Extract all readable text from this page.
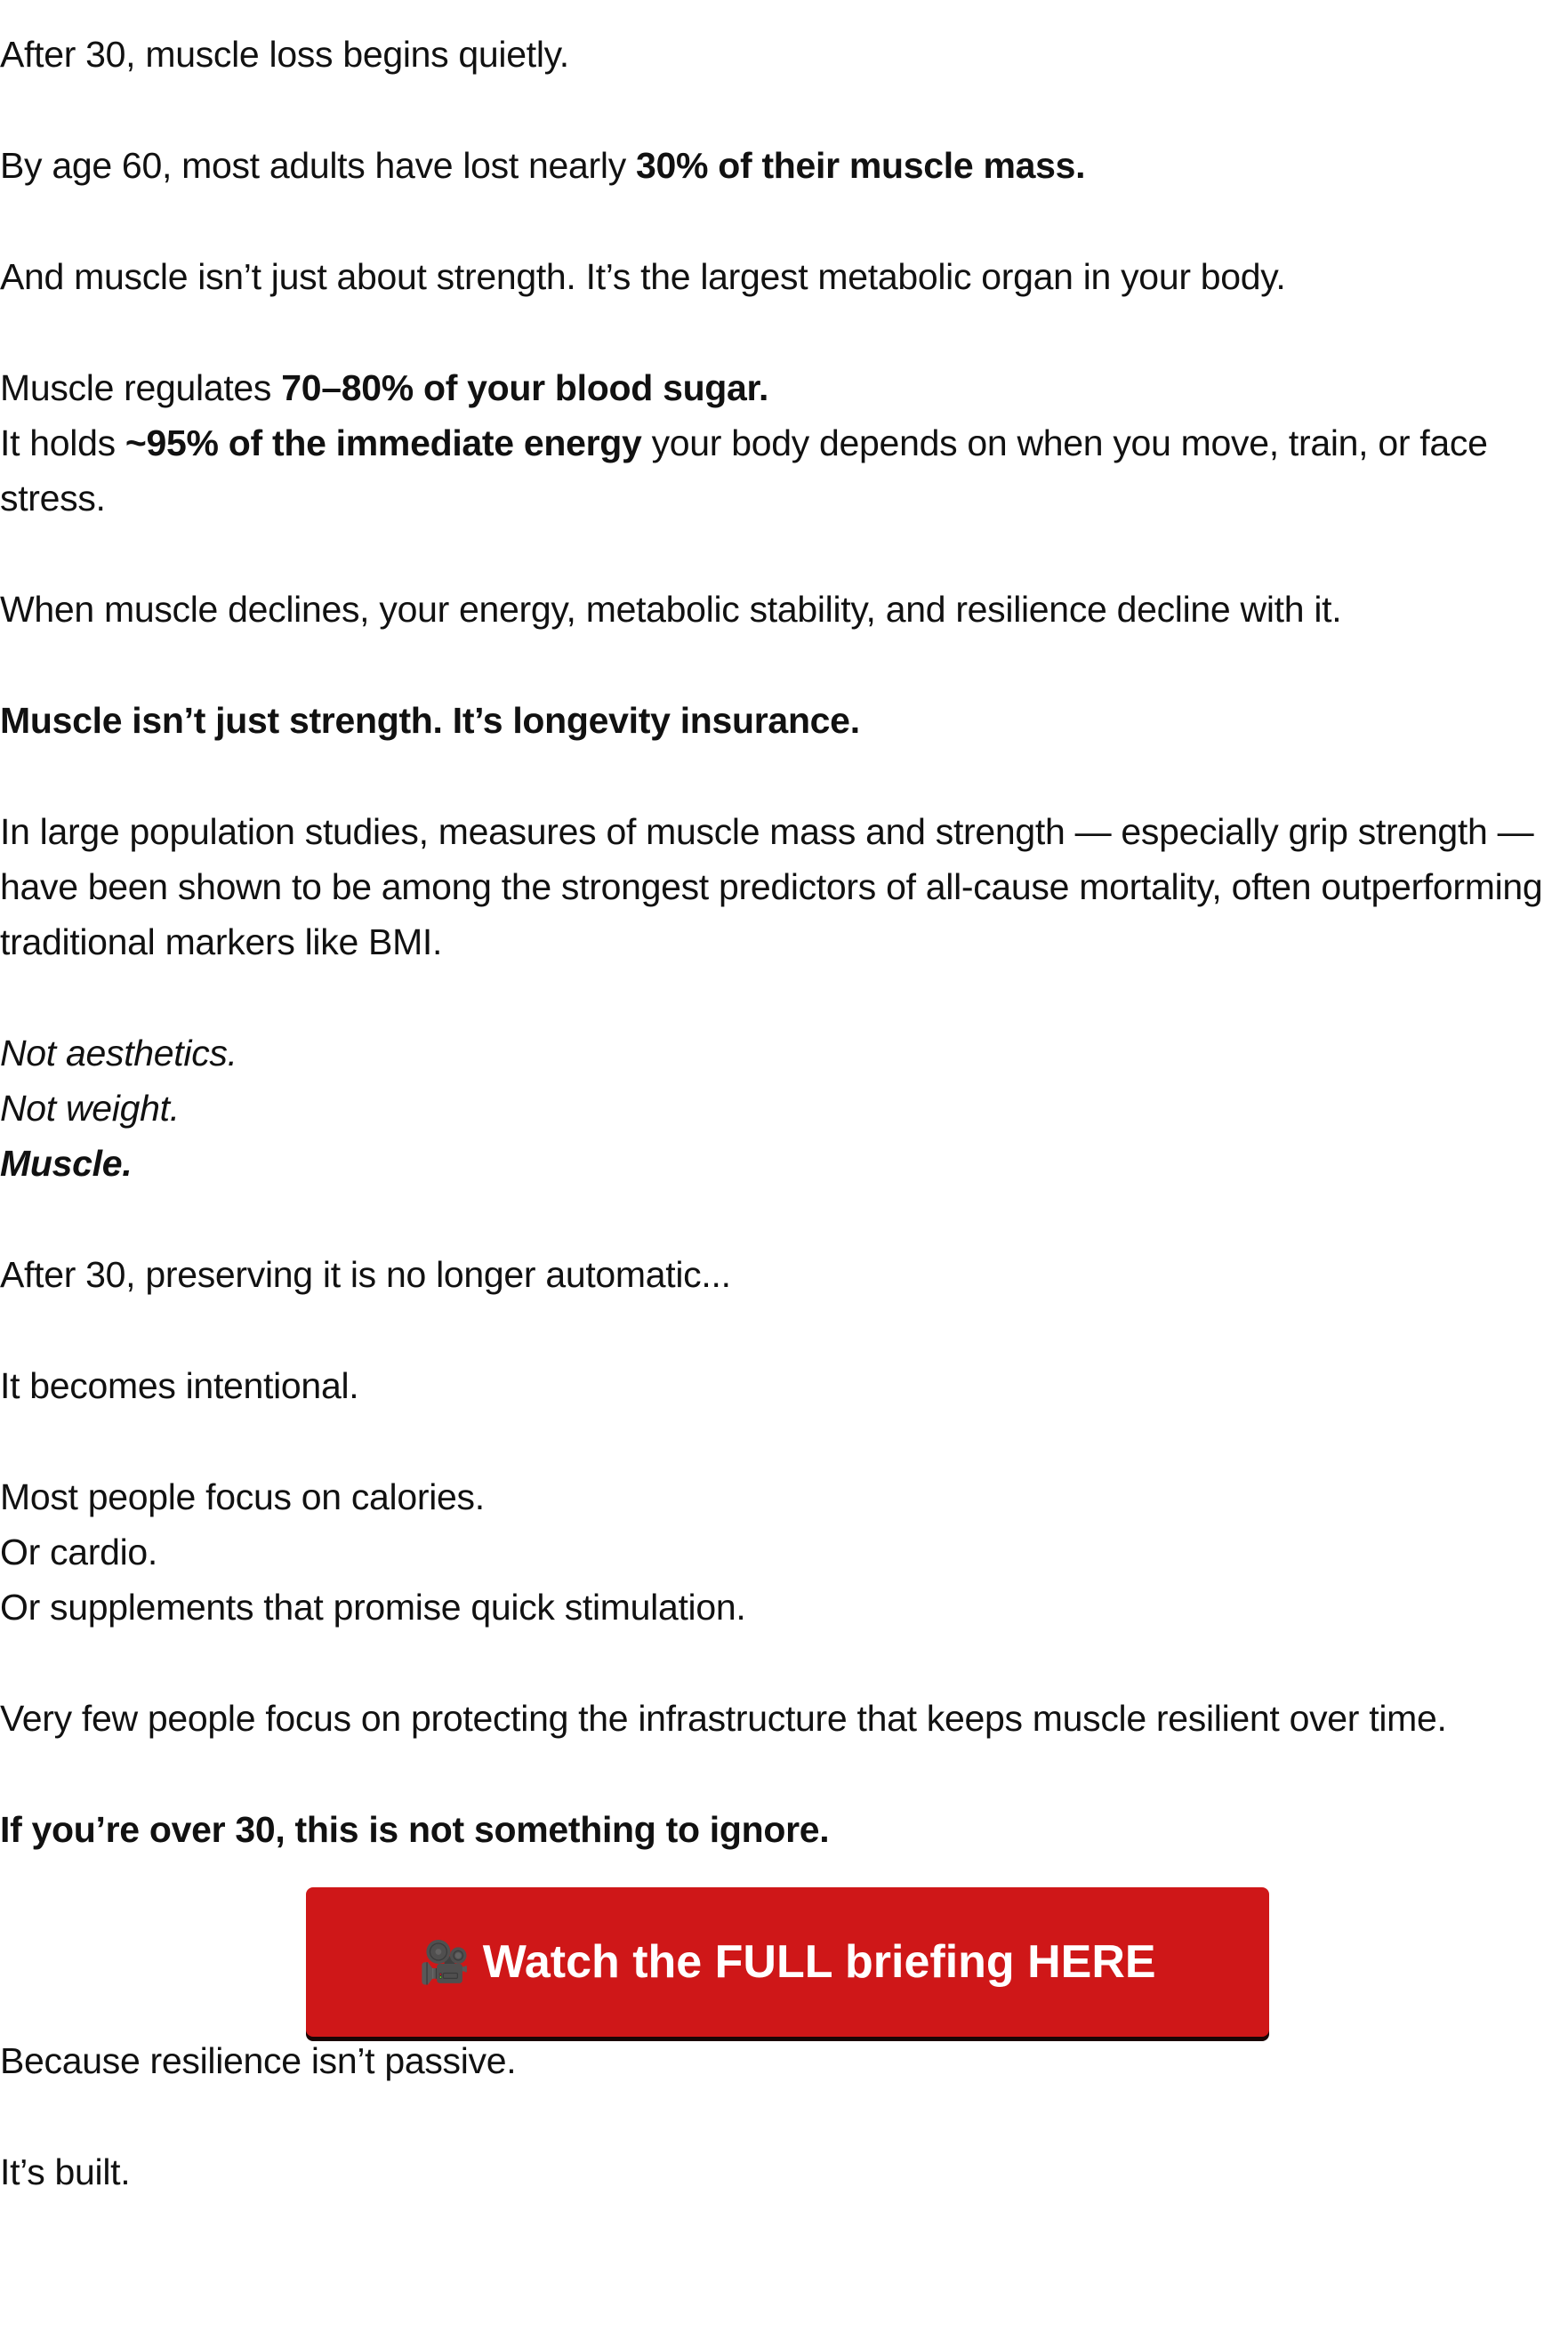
After 30, muscle loss begins quietly.

By age 60, most adults have lost nearly 30% of their muscle mass.

And muscle isn’t just about strength. It’s the largest metabolic organ in your body.

Muscle regulates 70–80% of your blood sugar.
It holds ~95% of the immediate energy your body depends on when you move, train, or face stress.

When muscle declines, your energy, metabolic stability, and resilience decline with it.

Muscle isn’t just strength. It’s longevity insurance.

In large population studies, measures of muscle mass and strength — especially grip strength — have been shown to be among the strongest predictors of all-cause mortality, often outperforming traditional markers like BMI.

Not aesthetics.
Not weight.
Muscle.

After 30, preserving it is no longer automatic...

It becomes intentional.

Most people focus on calories.
Or cardio.
Or supplements that promise quick stimulation.

Very few people focus on protecting the infrastructure that keeps muscle resilient over time.

If you’re over 30, this is not something to ignore.

🎥 Watch the FULL briefing HERE

Because resilience isn’t passive.

It’s built.
